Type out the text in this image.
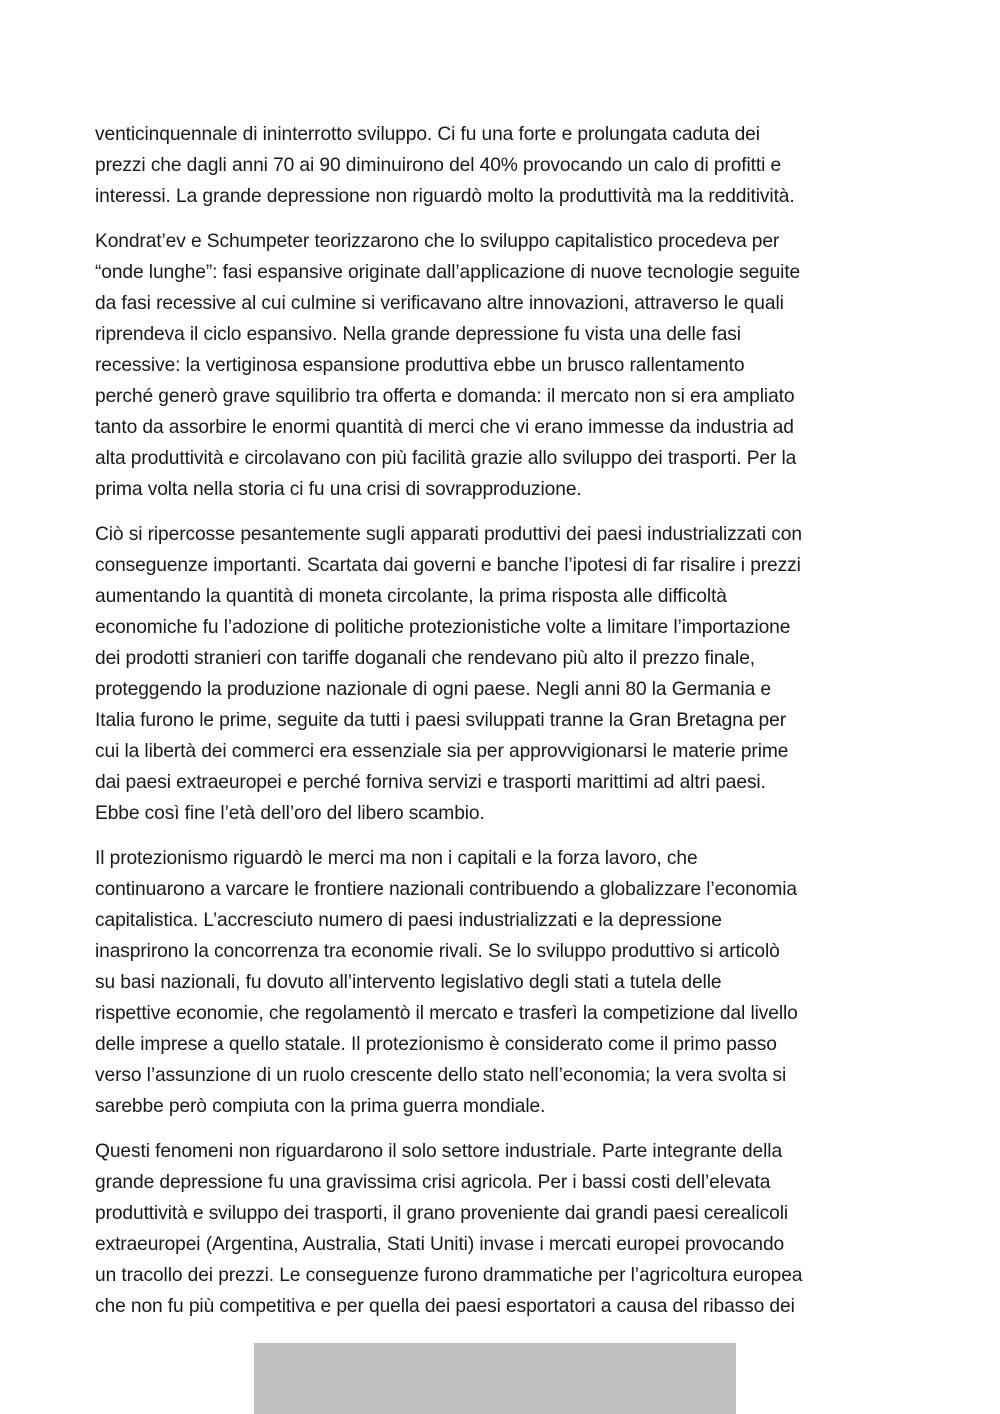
venticinquennale di ininterrotto sviluppo. Ci fu una forte e prolungata caduta dei
prezzi che dagli anni 70 ai 90 diminuirono del 40% provocando un calo di profitti e
interessi. La grande depressione non riguardò molto la produttività ma la redditività.

Kondrat’ev e Schumpeter teorizzarono che lo sviluppo capitalistico procedeva per
“onde lunghe”: fasi espansive originate dall’applicazione di nuove tecnologie seguite
da fasi recessive al cui culmine si verificavano altre innovazioni, attraverso le quali
riprendeva il ciclo espansivo. Nella grande depressione fu vista una delle fasi
recessive: la vertiginosa espansione produttiva ebbe un brusco rallentamento
perché generò grave squilibrio tra offerta e domanda: il mercato non si era ampliato
tanto da assorbire le enormi quantità di merci che vi erano immesse da industria ad
alta produttività e circolavano con più facilità grazie allo sviluppo dei trasporti. Per la
prima volta nella storia ci fu una crisi di sovrapproduzione.

Ciò si ripercosse pesantemente sugli apparati produttivi dei paesi industrializzati con
conseguenze importanti. Scartata dai governi e banche l’ipotesi di far risalire i prezzi
aumentando la quantità di moneta circolante, la prima risposta alle difficoltà
economiche fu l’adozione di politiche protezionistiche volte a limitare l’importazione
dei prodotti stranieri con tariffe doganali che rendevano più alto il prezzo finale,
proteggendo la produzione nazionale di ogni paese. Negli anni 80 la Germania e
Italia furono le prime, seguite da tutti i paesi sviluppati tranne la Gran Bretagna per
cui la libertà dei commerci era essenziale sia per approvvigionarsi le materie prime
dai paesi extraeuropei e perché forniva servizi e trasporti marittimi ad altri paesi.
Ebbe così fine l’età dell’oro del libero scambio.

Il protezionismo riguardò le merci ma non i capitali e la forza lavoro, che
continuarono a varcare le frontiere nazionali contribuendo a globalizzare l’economia
capitalistica. L’accresciuto numero di paesi industrializzati e la depressione
inasprirono la concorrenza tra economie rivali. Se lo sviluppo produttivo si articolò
su basi nazionali, fu dovuto all’intervento legislativo degli stati a tutela delle
rispettive economie, che regolamentò il mercato e trasferì la competizione dal livello
delle imprese a quello statale. Il protezionismo è considerato come il primo passo
verso l’assunzione di un ruolo crescente dello stato nell’economia; la vera svolta si
sarebbe però compiuta con la prima guerra mondiale.

Questi fenomeni non riguardarono il solo settore industriale. Parte integrante della
grande depressione fu una gravissima crisi agricola. Per i bassi costi dell’elevata
produttività e sviluppo dei trasporti, il grano proveniente dai grandi paesi cerealicoli
extraeuropei (Argentina, Australia, Stati Uniti) invase i mercati europei provocando
un tracollo dei prezzi. Le conseguenze furono drammatiche per l’agricoltura europea
che non fu più competitiva e per quella dei paesi esportatori a causa del ribasso dei
